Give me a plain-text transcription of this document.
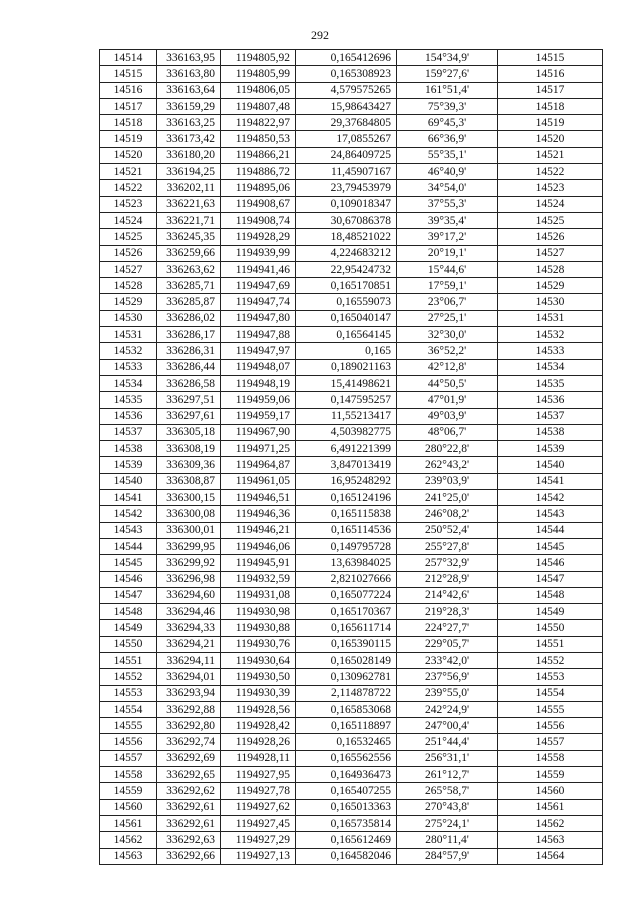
292
14514	336163,95	1194805,92	0,165412696	154°34,9'	14515
14515	336163,80	1194805,99	0,165308923	159°27,6'	14516
14516	336163,64	1194806,05	4,579575265	161°51,4'	14517
14517	336159,29	1194807,48	15,98643427	75°39,3'	14518
14518	336163,25	1194822,97	29,37684805	69°45,3'	14519
14519	336173,42	1194850,53	17,0855267	66°36,9'	14520
14520	336180,20	1194866,21	24,86409725	55°35,1'	14521
14521	336194,25	1194886,72	11,45907167	46°40,9'	14522
14522	336202,11	1194895,06	23,79453979	34°54,0'	14523
14523	336221,63	1194908,67	0,109018347	37°55,3'	14524
14524	336221,71	1194908,74	30,67086378	39°35,4'	14525
14525	336245,35	1194928,29	18,48521022	39°17,2'	14526
14526	336259,66	1194939,99	4,224683212	20°19,1'	14527
14527	336263,62	1194941,46	22,95424732	15°44,6'	14528
14528	336285,71	1194947,69	0,165170851	17°59,1'	14529
14529	336285,87	1194947,74	0,16559073	23°06,7'	14530
14530	336286,02	1194947,80	0,165040147	27°25,1'	14531
14531	336286,17	1194947,88	0,16564145	32°30,0'	14532
14532	336286,31	1194947,97	0,165	36°52,2'	14533
14533	336286,44	1194948,07	0,189021163	42°12,8'	14534
14534	336286,58	1194948,19	15,41498621	44°50,5'	14535
14535	336297,51	1194959,06	0,147595257	47°01,9'	14536
14536	336297,61	1194959,17	11,55213417	49°03,9'	14537
14537	336305,18	1194967,90	4,503982775	48°06,7'	14538
14538	336308,19	1194971,25	6,491221399	280°22,8'	14539
14539	336309,36	1194964,87	3,847013419	262°43,2'	14540
14540	336308,87	1194961,05	16,95248292	239°03,9'	14541
14541	336300,15	1194946,51	0,165124196	241°25,0'	14542
14542	336300,08	1194946,36	0,165115838	246°08,2'	14543
14543	336300,01	1194946,21	0,165114536	250°52,4'	14544
14544	336299,95	1194946,06	0,149795728	255°27,8'	14545
14545	336299,92	1194945,91	13,63984025	257°32,9'	14546
14546	336296,98	1194932,59	2,821027666	212°28,9'	14547
14547	336294,60	1194931,08	0,165077224	214°42,6'	14548
14548	336294,46	1194930,98	0,165170367	219°28,3'	14549
14549	336294,33	1194930,88	0,165611714	224°27,7'	14550
14550	336294,21	1194930,76	0,165390115	229°05,7'	14551
14551	336294,11	1194930,64	0,165028149	233°42,0'	14552
14552	336294,01	1194930,50	0,130962781	237°56,9'	14553
14553	336293,94	1194930,39	2,114878722	239°55,0'	14554
14554	336292,88	1194928,56	0,165853068	242°24,9'	14555
14555	336292,80	1194928,42	0,165118897	247°00,4'	14556
14556	336292,74	1194928,26	0,16532465	251°44,4'	14557
14557	336292,69	1194928,11	0,165562556	256°31,1'	14558
14558	336292,65	1194927,95	0,164936473	261°12,7'	14559
14559	336292,62	1194927,78	0,165407255	265°58,7'	14560
14560	336292,61	1194927,62	0,165013363	270°43,8'	14561
14561	336292,61	1194927,45	0,165735814	275°24,1'	14562
14562	336292,63	1194927,29	0,165612469	280°11,4'	14563
14563	336292,66	1194927,13	0,164582046	284°57,9'	14564
